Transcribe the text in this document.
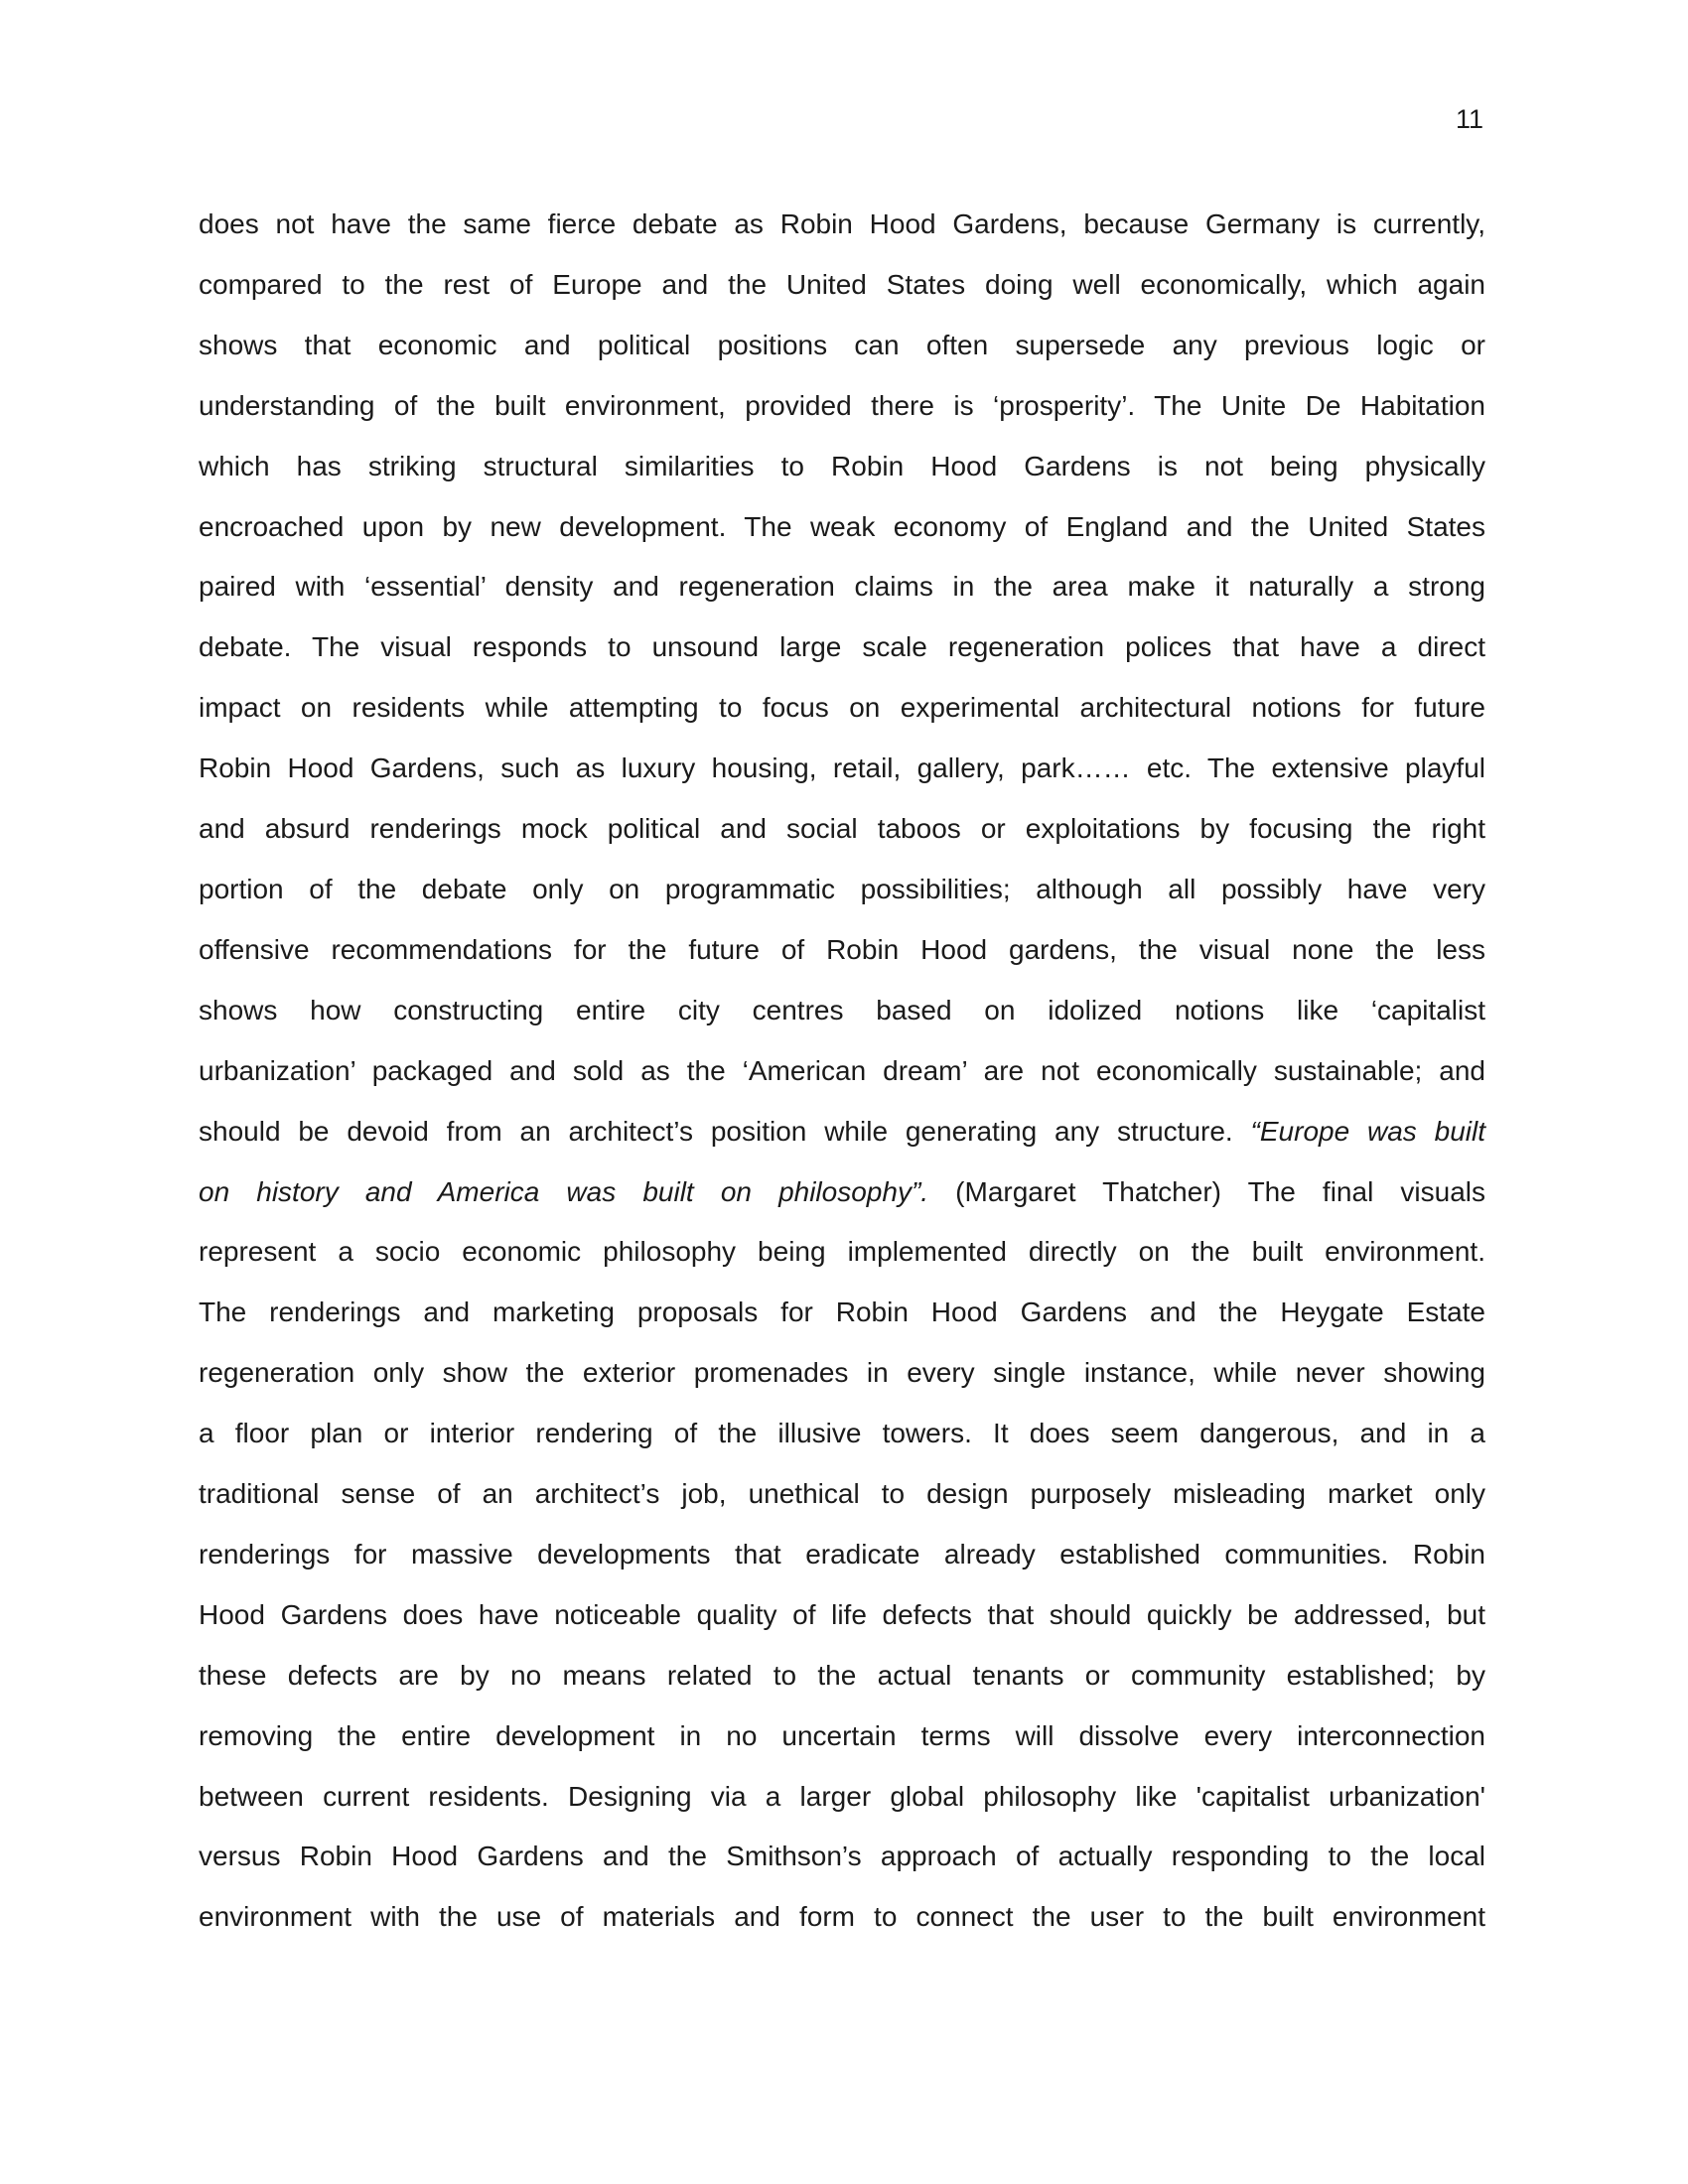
11
does not have the same fierce debate as Robin Hood Gardens, because Germany is currently,
compared to the rest of Europe and the United States doing well economically, which again
shows that economic and political positions can often supersede any previous logic or
understanding of the built environment, provided there is ‘prosperity’. The Unite De Habitation
which has striking structural similarities to Robin Hood Gardens is not being physically
encroached upon by new development. The weak economy of England and the United States
paired with ‘essential’ density and regeneration claims in the area make it naturally a strong
debate. The visual responds to unsound large scale regeneration polices that have a direct
impact on residents while attempting to focus on experimental architectural notions for future
Robin Hood Gardens, such as luxury housing, retail, gallery, park…… etc. The extensive playful
and absurd renderings mock political and social taboos or exploitations by focusing the right
portion of the debate only on programmatic possibilities; although all possibly have very
offensive recommendations for the future of Robin Hood gardens, the visual none the less
shows how constructing entire city centres based on idolized notions like ‘capitalist
urbanization’ packaged and sold as the ‘American dream’ are not economically sustainable; and
should be devoid from an architect’s position while generating any structure. “Europe was built
on history and America was built on philosophy”. (Margaret Thatcher) The final visuals
represent a socio economic philosophy being implemented directly on the built environment.
The renderings and marketing proposals for Robin Hood Gardens and the Heygate Estate
regeneration only show the exterior promenades in every single instance, while never showing
a floor plan or interior rendering of the illusive towers. It does seem dangerous, and in a
traditional sense of an architect’s job, unethical to design purposely misleading market only
renderings for massive developments that eradicate already established communities. Robin
Hood Gardens does have noticeable quality of life defects that should quickly be addressed, but
these defects are by no means related to the actual tenants or community established; by
removing the entire development in no uncertain terms will dissolve every interconnection
between current residents. Designing via a larger global philosophy like 'capitalist urbanization'
versus Robin Hood Gardens and the Smithson’s approach of actually responding to the local
environment with the use of materials and form to connect the user to the built environment
